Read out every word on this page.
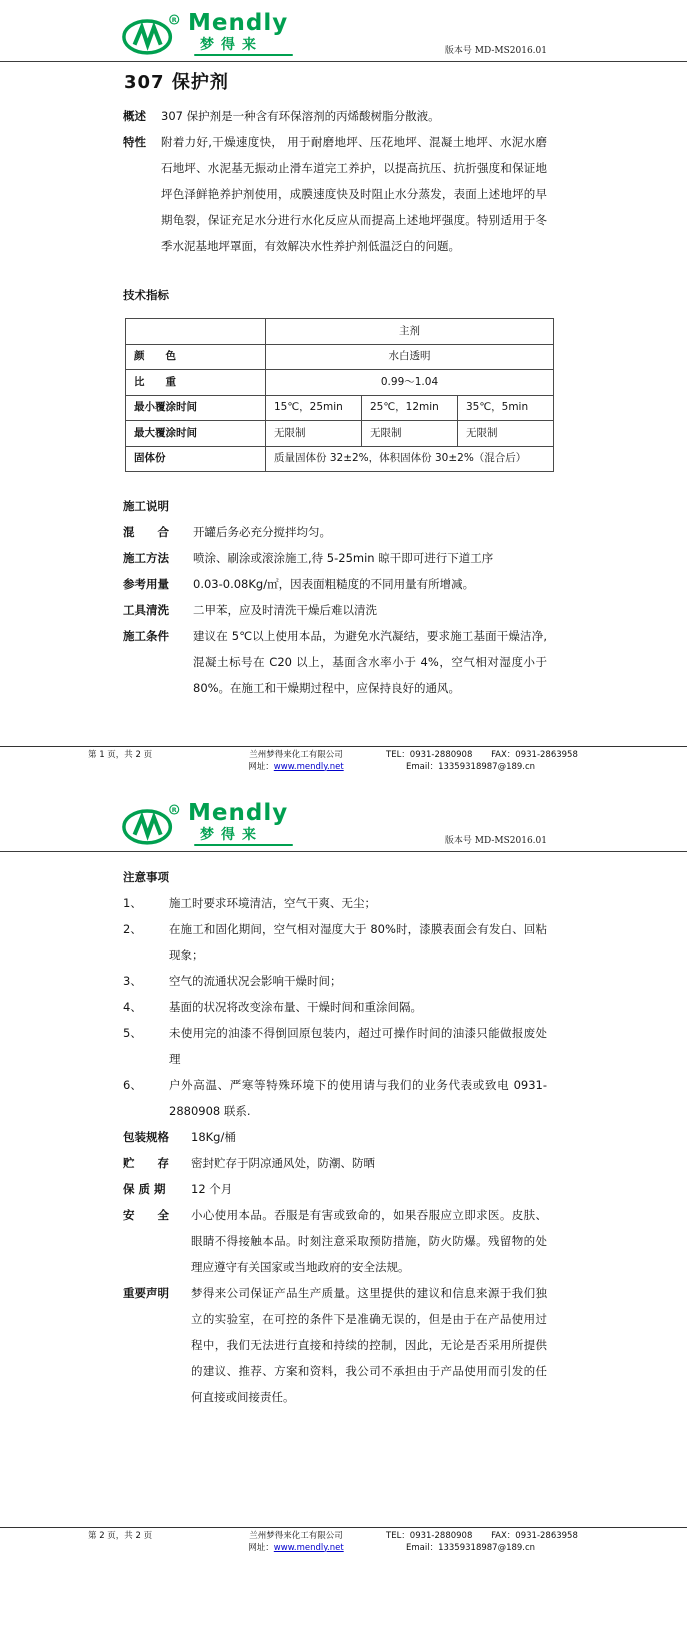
R Mendly
梦得来	版本号 MD-MS2016.01
307 保护剂
概述	307 保护剂是一种含有环保溶剂的丙烯酸树脂分散液。
特性	附着力好,干燥速度快， 用于耐磨地坪、压花地坪、混凝土地坪、水泥水磨石地坪、水泥基无振动止滑车道完工养护，以提高抗压、抗折强度和保证地坪色泽鲜艳养护剂使用，成膜速度快及时阻止水分蒸发，表面上述地坪的早期龟裂，保证充足水分进行水化反应从而提高上述地坪强度。特别适用于冬季水泥基地坪罩面，有效解决水性养护剂低温泛白的问题。
技术指标
	主剂		
颜　　色	水白透明		
比　　重	0.99～1.04		
最小覆涂时间	15℃，25min	25℃，12min	35℃，5min
最大覆涂时间	无限制	无限制	无限制
固体份	质量固体份 32±2%，体积固体份 30±2%（混合后）		
施工说明
混　　合	开罐后务必充分搅拌均匀。
施工方法	喷涂、刷涂或滚涂施工,待 5-25min 晾干即可进行下道工序
参考用量	0.03-0.08Kg/㎡，因表面粗糙度的不同用量有所增减。
工具清洗	二甲苯，应及时清洗干燥后难以清洗
施工条件	建议在 5℃以上使用本品，为避免水汽凝结，要求施工基面干燥洁净,混凝土标号在 C20 以上，基面含水率小于 4%，空气相对湿度小于 80%。在施工和干燥期过程中，应保持良好的通风。
第 1 页，共 2 页	兰州梦得来化工有限公司
网址：www.mendly.net
TEL：0931-2880908 FAX：0931-2863958
Email：13359318987@189.cn
R Mendly
梦得来	版本号 MD-MS2016.01
注意事项
1、	施工时要求环境清洁，空气干爽、无尘；
2、	在施工和固化期间，空气相对湿度大于 80%时，漆膜表面会有发白、回粘现象；
3、	空气的流通状况会影响干燥时间；
4、	基面的状况将改变涂布量、干燥时间和重涂间隔。
5、	未使用完的油漆不得倒回原包装内，超过可操作时间的油漆只能做报废处理
6、	户外高温、严寒等特殊环境下的使用请与我们的业务代表或致电 0931-2880908 联系.
包装规格	18Kg/桶
贮　　存	密封贮存于阴凉通风处，防潮、防晒
保 质 期	12 个月
安　　全	小心使用本品。吞服是有害或致命的，如果吞服应立即求医。皮肤、眼睛不得接触本品。时刻注意采取预防措施，防火防爆。残留物的处理应遵守有关国家或当地政府的安全法规。
重要声明	梦得来公司保证产品生产质量。这里提供的建议和信息来源于我们独立的实验室，在可控的条件下是准确无误的，但是由于在产品使用过程中，我们无法进行直接和持续的控制，因此，无论是否采用所提供的建议、推荐、方案和资料，我公司不承担由于产品使用而引发的任何直接或间接责任。
第 2 页，共 2 页	兰州梦得来化工有限公司
网址：www.mendly.net
TEL：0931-2880908 FAX：0931-2863958
Email：13359318987@189.cn
